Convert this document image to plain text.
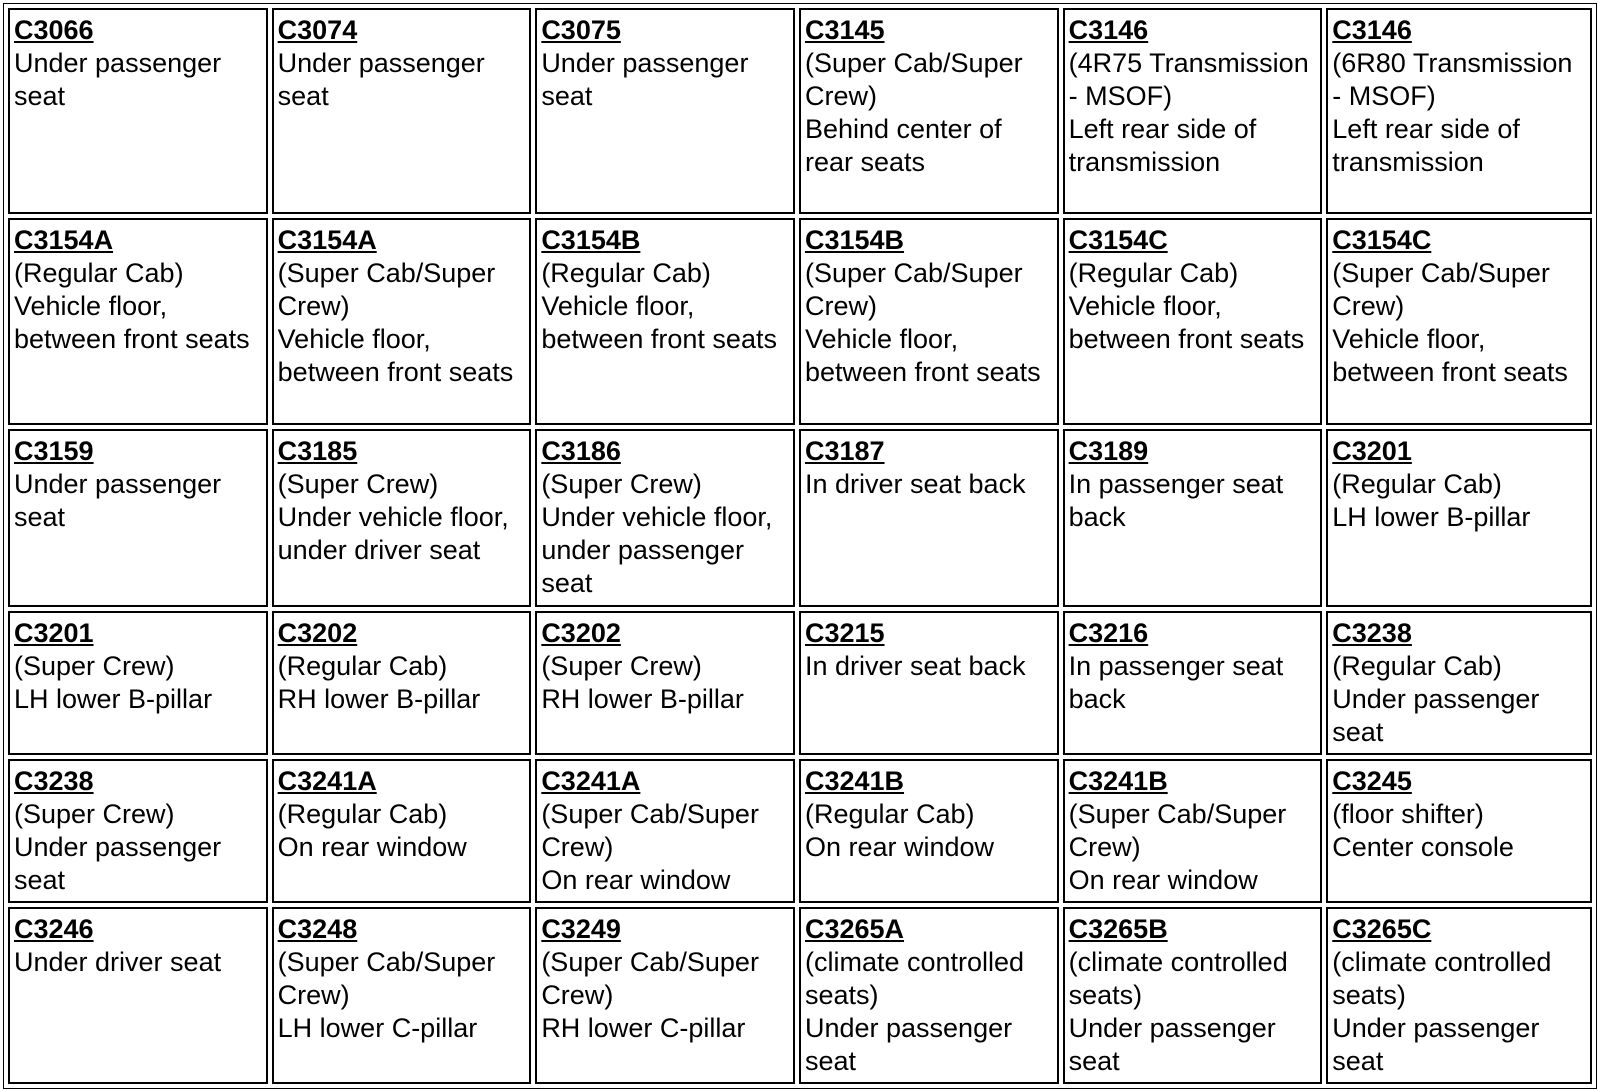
C3066
Under passenger seat	C3074
Under passenger seat	C3075
Under passenger seat	C3145
(Super Cab/Super Crew)
Behind center of rear seats	C3146
(4R75 Transmission - MSOF)
Left rear side of transmission	C3146
(6R80 Transmission - MSOF)
Left rear side of transmission

C3154A
(Regular Cab)
Vehicle floor, between front seats	C3154A
(Super Cab/Super Crew)
Vehicle floor, between front seats	C3154B
(Regular Cab)
Vehicle floor, between front seats	C3154B
(Super Cab/Super Crew)
Vehicle floor, between front seats	C3154C
(Regular Cab)
Vehicle floor, between front seats	C3154C
(Super Cab/Super Crew)
Vehicle floor, between front seats

C3159
Under passenger seat	C3185
(Super Crew)
Under vehicle floor, under driver seat	C3186
(Super Crew)
Under vehicle floor, under passenger seat	C3187
In driver seat back	C3189
In passenger seat back	C3201
(Regular Cab)
LH lower B-pillar

C3201
(Super Crew)
LH lower B-pillar	C3202
(Regular Cab)
RH lower B-pillar	C3202
(Super Crew)
RH lower B-pillar	C3215
In driver seat back	C3216
In passenger seat back	C3238
(Regular Cab)
Under passenger seat

C3238
(Super Crew)
Under passenger seat	C3241A
(Regular Cab)
On rear window	C3241A
(Super Cab/Super Crew)
On rear window	C3241B
(Regular Cab)
On rear window	C3241B
(Super Cab/Super Crew)
On rear window	C3245
(floor shifter)
Center console

C3246
Under driver seat	C3248
(Super Cab/Super Crew)
LH lower C-pillar	C3249
(Super Cab/Super Crew)
RH lower C-pillar	C3265A
(climate controlled seats)
Under passenger seat	C3265B
(climate controlled seats)
Under passenger seat	C3265C
(climate controlled seats)
Under passenger seat
